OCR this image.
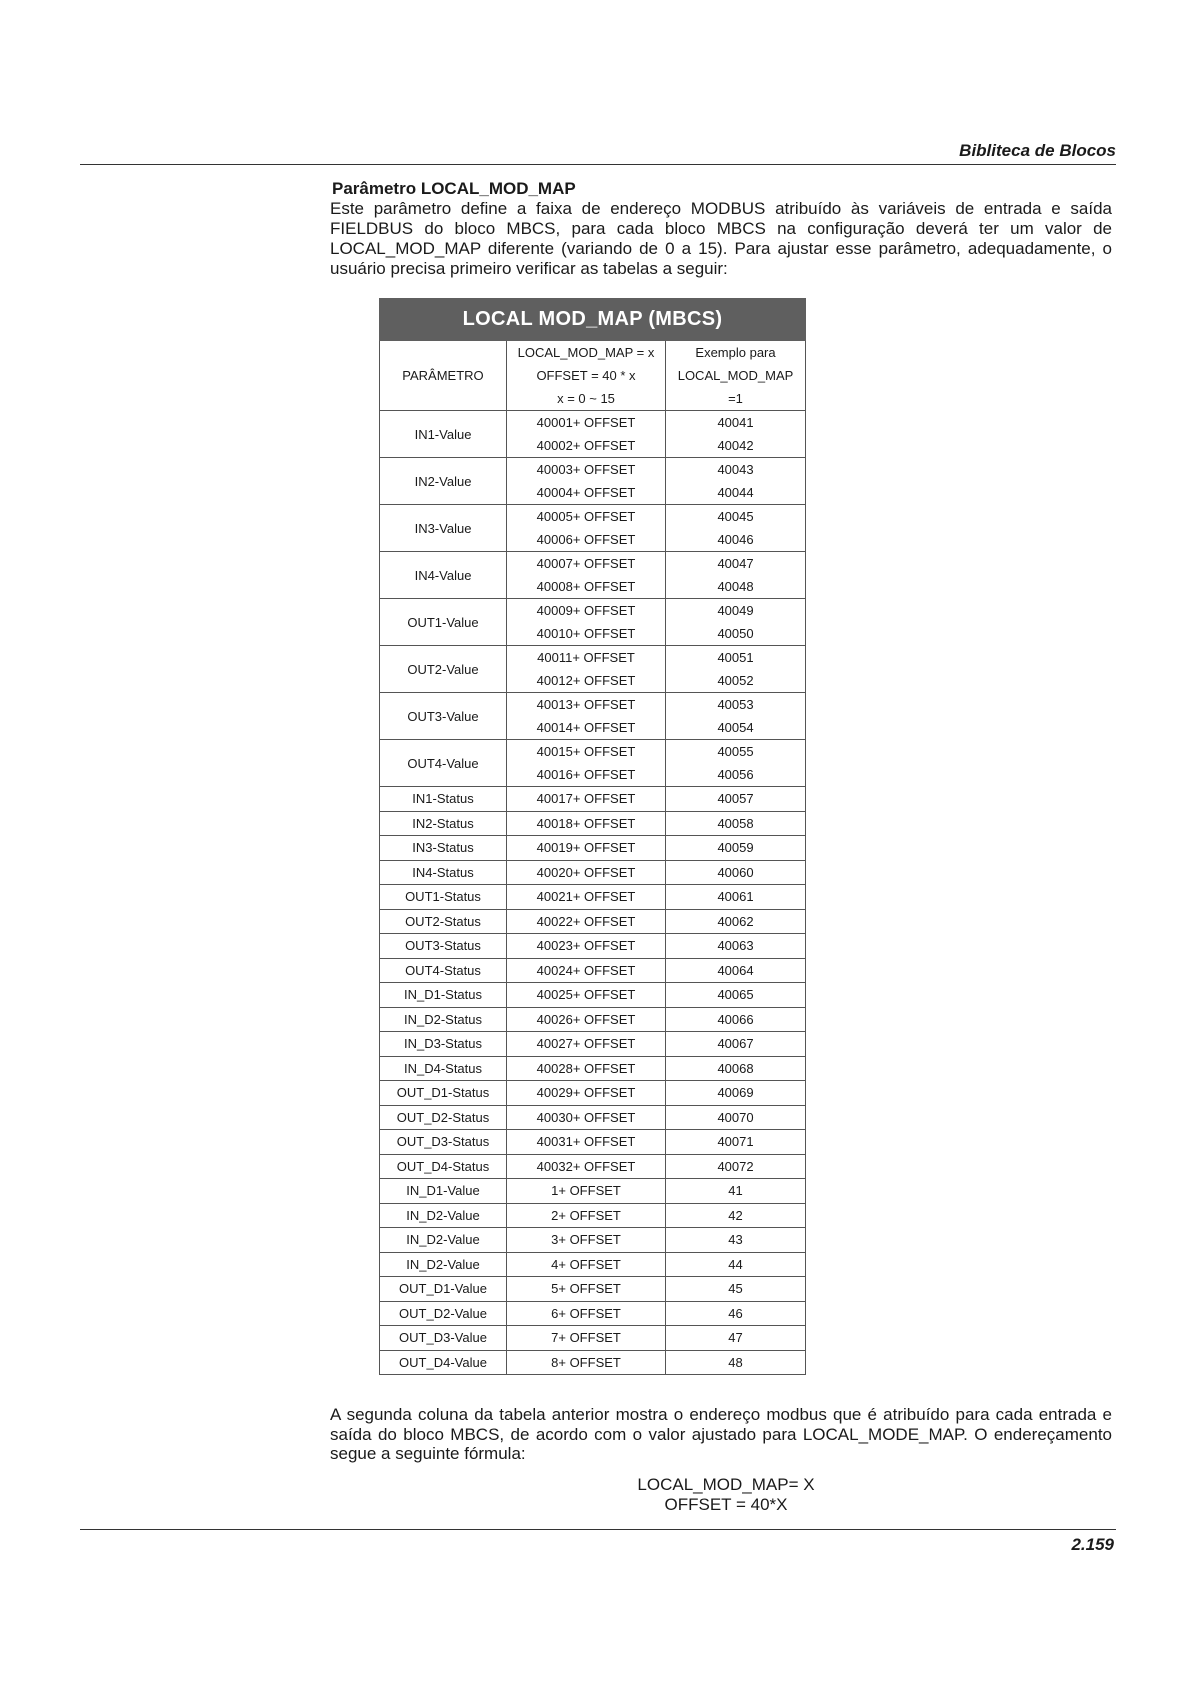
Bibliteca de Blocos
Parâmetro LOCAL_MOD_MAP
Este parâmetro define a faixa de endereço MODBUS atribuído às variáveis de entrada e saída FIELDBUS do bloco MBCS, para cada bloco MBCS na configuração deverá ter um valor de LOCAL_MOD_MAP diferente (variando de 0 a 15). Para ajustar esse parâmetro, adequadamente, o usuário precisa primeiro verificar as tabelas a seguir:
LOCAL MOD_MAP (MBCS)		
PARÂMETRO	LOCAL_MOD_MAP = x	Exemplo para
	OFFSET = 40 * x	LOCAL_MOD_MAP
	x = 0 ~ 15	=1
IN1-Value	40001+ OFFSET	40041
	40002+ OFFSET	40042
IN2-Value	40003+ OFFSET	40043
	40004+ OFFSET	40044
IN3-Value	40005+ OFFSET	40045
	40006+ OFFSET	40046
IN4-Value	40007+ OFFSET	40047
	40008+ OFFSET	40048
OUT1-Value	40009+ OFFSET	40049
	40010+ OFFSET	40050
OUT2-Value	40011+ OFFSET	40051
	40012+ OFFSET	40052
OUT3-Value	40013+ OFFSET	40053
	40014+ OFFSET	40054
OUT4-Value	40015+ OFFSET	40055
	40016+ OFFSET	40056
IN1-Status	40017+ OFFSET	40057
IN2-Status	40018+ OFFSET	40058
IN3-Status	40019+ OFFSET	40059
IN4-Status	40020+ OFFSET	40060
OUT1-Status	40021+ OFFSET	40061
OUT2-Status	40022+ OFFSET	40062
OUT3-Status	40023+ OFFSET	40063
OUT4-Status	40024+ OFFSET	40064
IN_D1-Status	40025+ OFFSET	40065
IN_D2-Status	40026+ OFFSET	40066
IN_D3-Status	40027+ OFFSET	40067
IN_D4-Status	40028+ OFFSET	40068
OUT_D1-Status	40029+ OFFSET	40069
OUT_D2-Status	40030+ OFFSET	40070
OUT_D3-Status	40031+ OFFSET	40071
OUT_D4-Status	40032+ OFFSET	40072
IN_D1-Value	1+ OFFSET	41
IN_D2-Value	2+ OFFSET	42
IN_D2-Value	3+ OFFSET	43
IN_D2-Value	4+ OFFSET	44
OUT_D1-Value	5+ OFFSET	45
OUT_D2-Value	6+ OFFSET	46
OUT_D3-Value	7+ OFFSET	47
OUT_D4-Value	8+ OFFSET	48
A segunda coluna da tabela anterior mostra o endereço modbus que é atribuído para cada entrada e saída do bloco MBCS, de acordo com o valor ajustado para LOCAL_MODE_MAP. O endereçamento segue a seguinte fórmula:
LOCAL_MOD_MAP= X
OFFSET = 40*X
2.159
